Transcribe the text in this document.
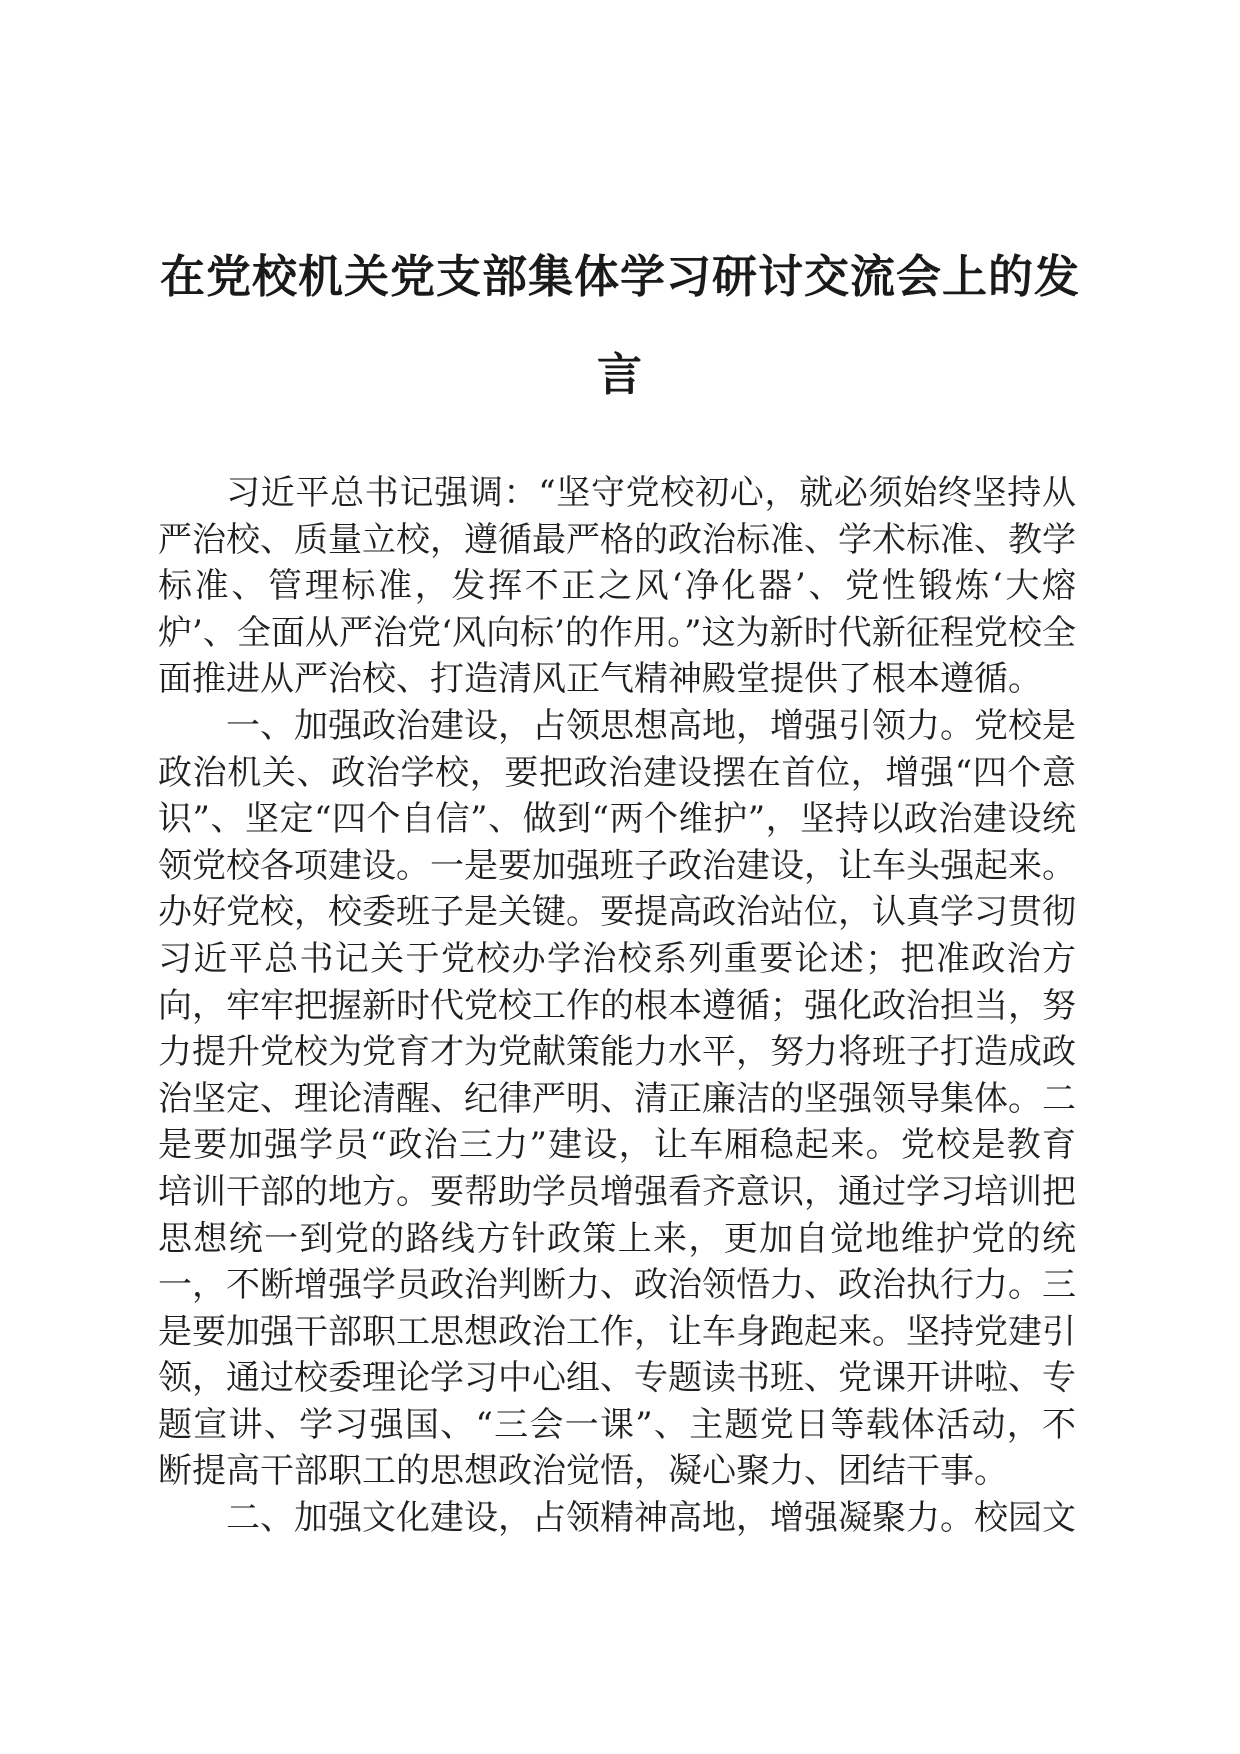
在党校机关党支部集体学习研讨交流会上的发言

习近平总书记强调：“坚守党校初心，就必须始终坚持从严治校、质量立校，遵循最严格的政治标准、学术标准、教学标准、管理标准，发挥不正之风‘净化器’、党性锻炼‘大熔炉’、全面从严治党‘风向标’的作用。”这为新时代新征程党校全面推进从严治校、打造清风正气精神殿堂提供了根本遵循。

一、加强政治建设，占领思想高地，增强引领力。党校是政治机关、政治学校，要把政治建设摆在首位，增强“四个意识”、坚定“四个自信”、做到“两个维护”，坚持以政治建设统领党校各项建设。一是要加强班子政治建设，让车头强起来。办好党校，校委班子是关键。要提高政治站位，认真学习贯彻习近平总书记关于党校办学治校系列重要论述；把准政治方向，牢牢把握新时代党校工作的根本遵循；强化政治担当，努力提升党校为党育才为党献策能力水平，努力将班子打造成政治坚定、理论清醒、纪律严明、清正廉洁的坚强领导集体。二是要加强学员“政治三力”建设，让车厢稳起来。党校是教育培训干部的地方。要帮助学员增强看齐意识，通过学习培训把思想统一到党的路线方针政策上来，更加自觉地维护党的统一，不断增强学员政治判断力、政治领悟力、政治执行力。三是要加强干部职工思想政治工作，让车身跑起来。坚持党建引领，通过校委理论学习中心组、专题读书班、党课开讲啦、专题宣讲、学习强国、“三会一课”、主题党日等载体活动，不断提高干部职工的思想政治觉悟，凝心聚力、团结干事。

二、加强文化建设，占领精神高地，增强凝聚力。校园文
